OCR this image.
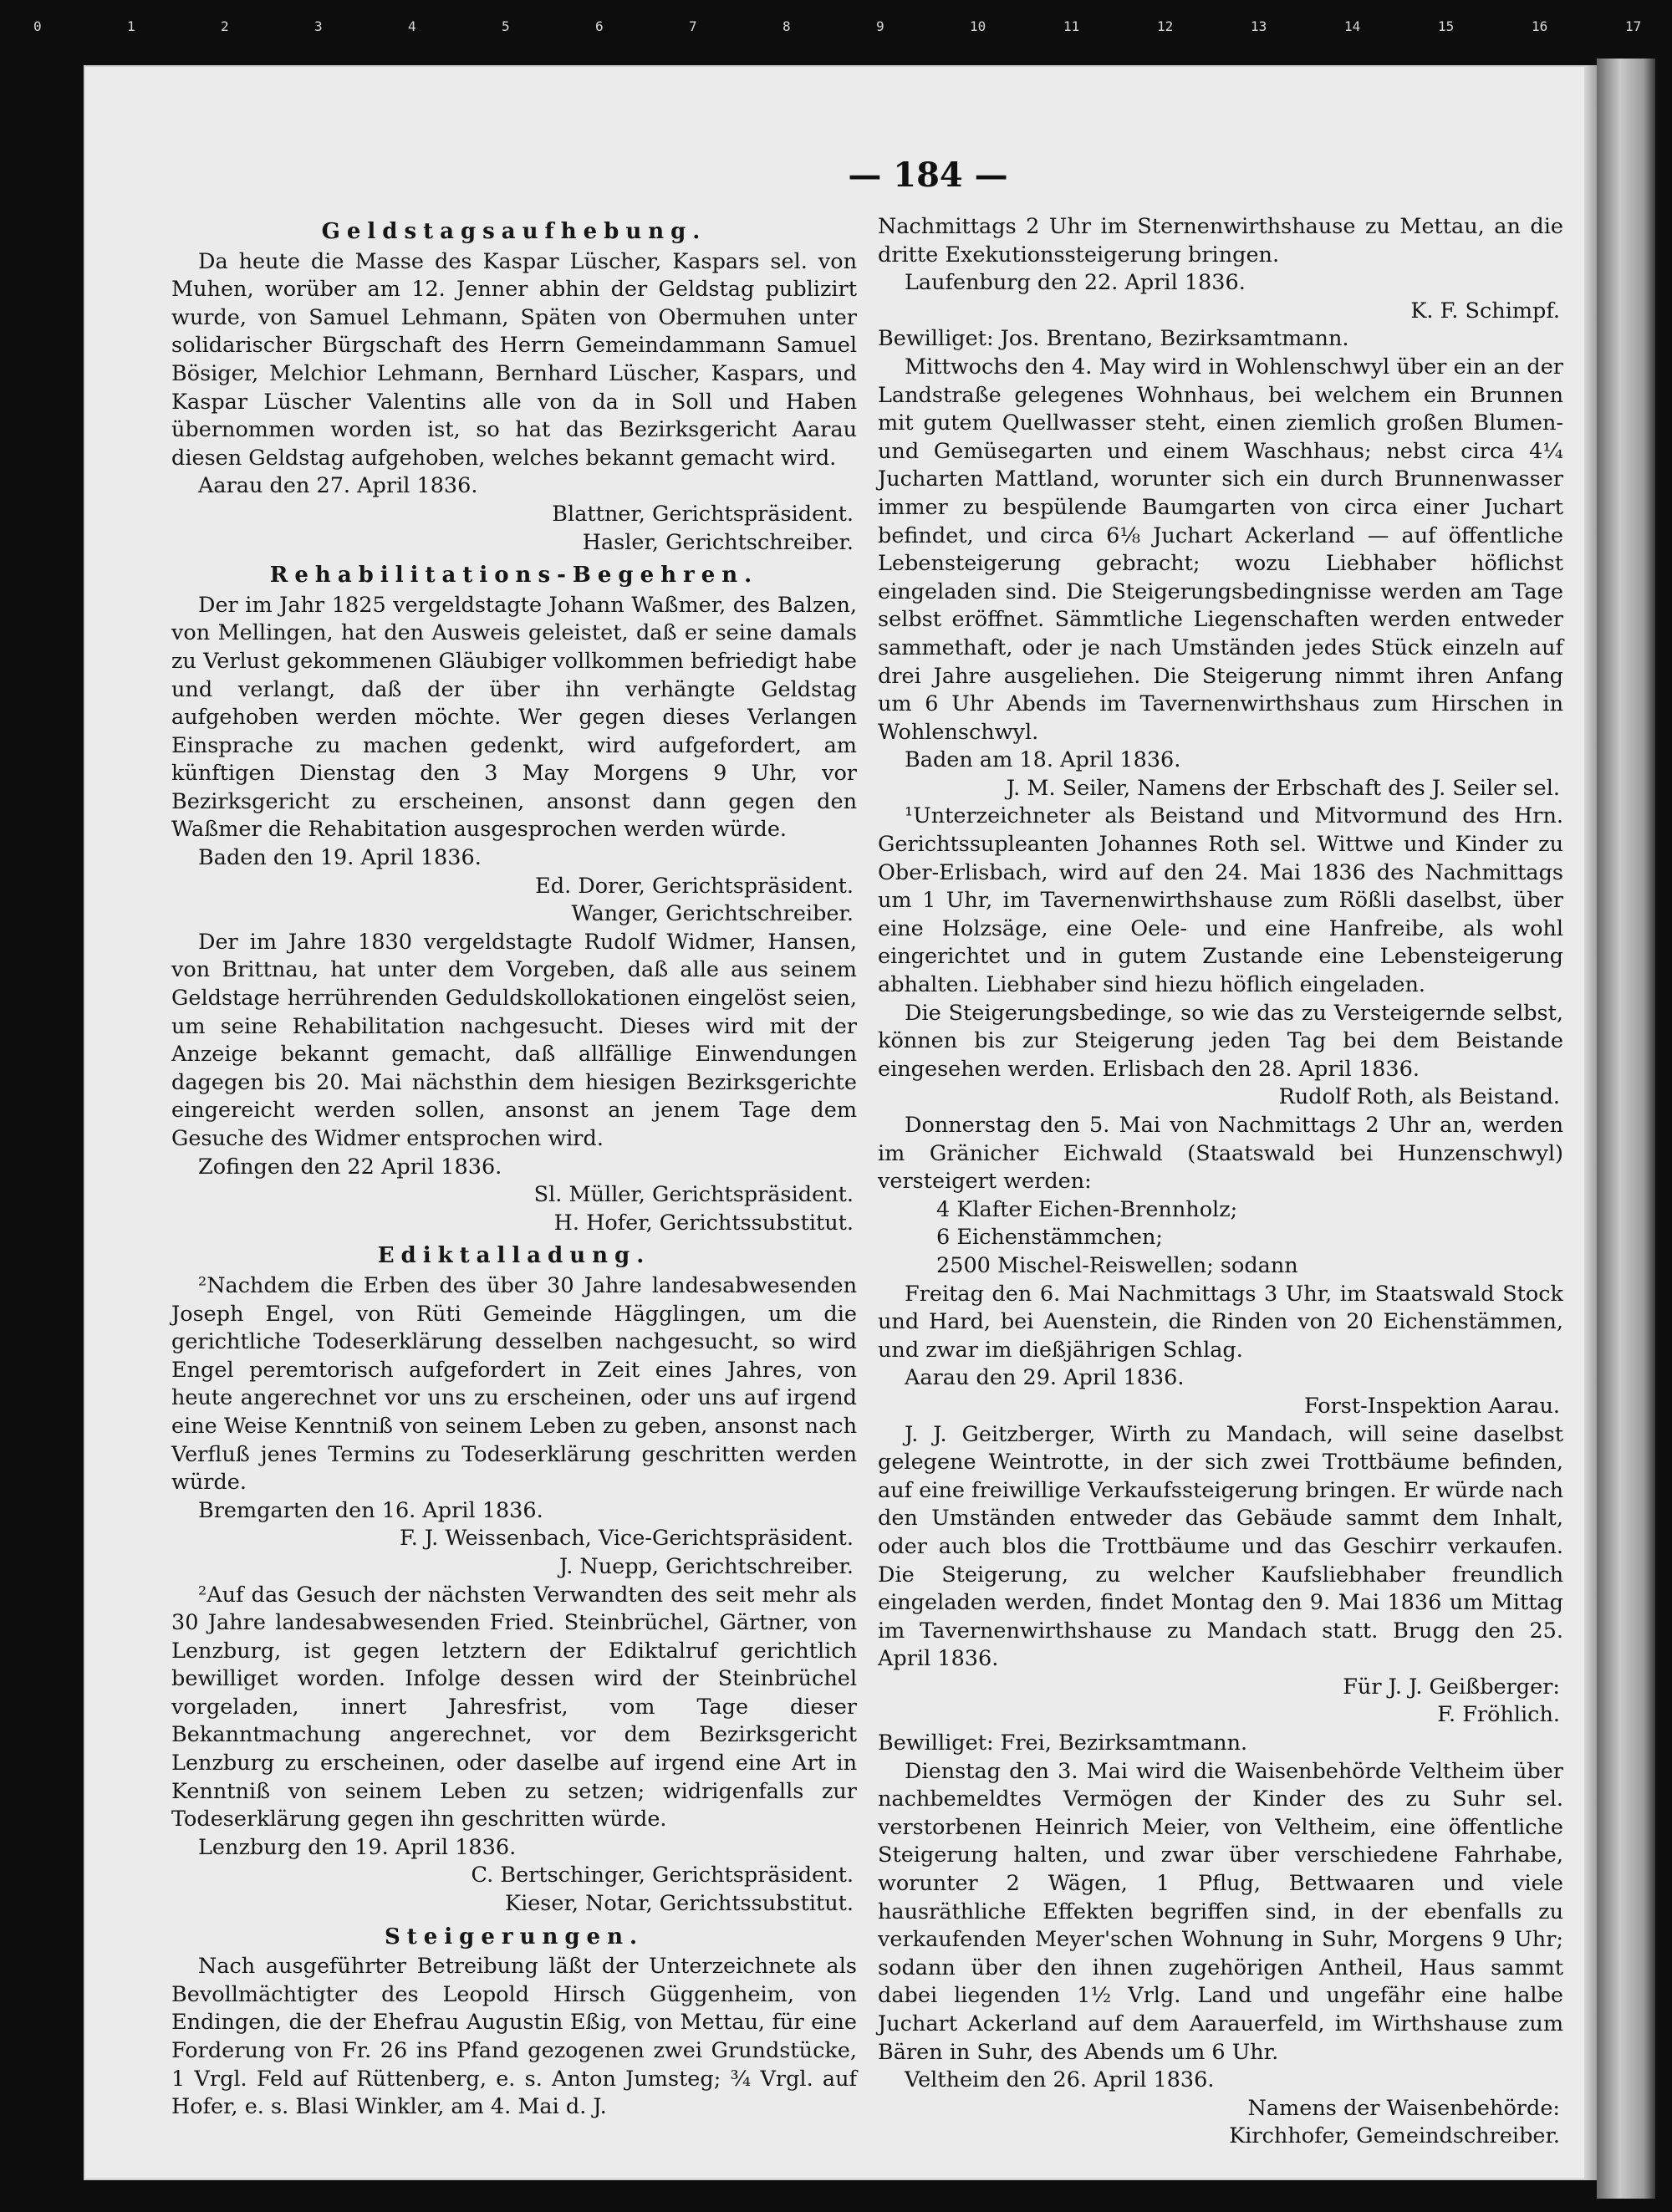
0	1	2	3	4	5	6	7	8	9	10	11	12	13	14	15	16	17
— 184 —
Geldstagsaufhebung.
Da heute die Masse des Kaspar Lüscher, Kaspars sel. von Muhen, worüber am 12. Jenner abhin der Geldstag publizirt wurde, von Samuel Lehmann, Späten von Obermuhen unter solidarischer Bürgschaft des Herrn Gemeindammann Samuel Bösiger, Melchior Lehmann, Bernhard Lüscher, Kaspars, und Kaspar Lüscher Valentins alle von da in Soll und Haben übernommen worden ist, so hat das Bezirksgericht Aarau diesen Geldstag aufgehoben, welches bekannt gemacht wird.
Aarau den 27. April 1836.
Blattner, Gerichtspräsident.
Hasler, Gerichtschreiber.
Rehabilitations-Begehren.
Der im Jahr 1825 vergeldstagte Johann Waßmer, des Balzen, von Mellingen, hat den Ausweis geleistet, daß er seine damals zu Verlust gekommenen Gläubiger vollkommen befriedigt habe und verlangt, daß der über ihn verhängte Geldstag aufgehoben werden möchte. Wer gegen dieses Verlangen Einsprache zu machen gedenkt, wird aufgefordert, am künftigen Dienstag den 3 May Morgens 9 Uhr, vor Bezirksgericht zu erscheinen, ansonst dann gegen den Waßmer die Rehabitation ausgesprochen werden würde.
Baden den 19. April 1836.
Ed. Dorer, Gerichtspräsident.
Wanger, Gerichtschreiber.
Der im Jahre 1830 vergeldstagte Rudolf Widmer, Hansen, von Brittnau, hat unter dem Vorgeben, daß alle aus seinem Geldstage herrührenden Geduldskollokationen eingelöst seien, um seine Rehabilitation nachgesucht. Dieses wird mit der Anzeige bekannt gemacht, daß allfällige Einwendungen dagegen bis 20. Mai nächsthin dem hiesigen Bezirksgerichte eingereicht werden sollen, ansonst an jenem Tage dem Gesuche des Widmer entsprochen wird.
Zofingen den 22 April 1836.
Sl. Müller, Gerichtspräsident.
H. Hofer, Gerichtssubstitut.
Ediktalladung.
²Nachdem die Erben des über 30 Jahre landesabwesenden Joseph Engel, von Rüti Gemeinde Hägglingen, um die gerichtliche Todeserklärung desselben nachgesucht, so wird Engel peremtorisch aufgefordert in Zeit eines Jahres, von heute angerechnet vor uns zu erscheinen, oder uns auf irgend eine Weise Kenntniß von seinem Leben zu geben, ansonst nach Verfluß jenes Termins zu Todeserklärung geschritten werden würde.
Bremgarten den 16. April 1836.
F. J. Weissenbach, Vice-Gerichtspräsident.
J. Nuepp, Gerichtschreiber.
²Auf das Gesuch der nächsten Verwandten des seit mehr als 30 Jahre landesabwesenden Fried. Steinbrüchel, Gärtner, von Lenzburg, ist gegen letztern der Ediktalruf gerichtlich bewilliget worden. Infolge dessen wird der Steinbrüchel vorgeladen, innert Jahresfrist, vom Tage dieser Bekanntmachung angerechnet, vor dem Bezirksgericht Lenzburg zu erscheinen, oder daselbe auf irgend eine Art in Kenntniß von seinem Leben zu setzen; widrigenfalls zur Todeserklärung gegen ihn geschritten würde.
Lenzburg den 19. April 1836.
C. Bertschinger, Gerichtspräsident.
Kieser, Notar, Gerichtssubstitut.
Steigerungen.
Nach ausgeführter Betreibung läßt der Unterzeichnete als Bevollmächtigter des Leopold Hirsch Güggenheim, von Endingen, die der Ehefrau Augustin Eßig, von Mettau, für eine Forderung von Fr. 26 ins Pfand gezogenen zwei Grundstücke, 1 Vrgl. Feld auf Rüttenberg, e. s. Anton Jumsteg; ¾ Vrgl. auf Hofer, e. s. Blasi Winkler, am 4. Mai d. J.
Nachmittags 2 Uhr im Sternenwirthshause zu Mettau, an die dritte Exekutionssteigerung bringen.
Laufenburg den 22. April 1836.
K. F. Schimpf.
Bewilliget: Jos. Brentano, Bezirksamtmann.
Mittwochs den 4. May wird in Wohlenschwyl über ein an der Landstraße gelegenes Wohnhaus, bei welchem ein Brunnen mit gutem Quellwasser steht, einen ziemlich großen Blumen- und Gemüsegarten und einem Waschhaus; nebst circa 4¼ Jucharten Mattland, worunter sich ein durch Brunnenwasser immer zu bespülende Baumgarten von circa einer Juchart befindet, und circa 6⅛ Juchart Ackerland — auf öffentliche Lebensteigerung gebracht; wozu Liebhaber höflichst eingeladen sind. Die Steigerungsbedingnisse werden am Tage selbst eröffnet. Sämmtliche Liegenschaften werden entweder sammethaft, oder je nach Umständen jedes Stück einzeln auf drei Jahre ausgeliehen. Die Steigerung nimmt ihren Anfang um 6 Uhr Abends im Tavernenwirthshaus zum Hirschen in Wohlenschwyl.
Baden am 18. April 1836.
J. M. Seiler, Namens der Erbschaft des J. Seiler sel.
¹Unterzeichneter als Beistand und Mitvormund des Hrn. Gerichtssupleanten Johannes Roth sel. Wittwe und Kinder zu Ober-Erlisbach, wird auf den 24. Mai 1836 des Nachmittags um 1 Uhr, im Tavernenwirthshause zum Rößli daselbst, über eine Holzsäge, eine Oele- und eine Hanfreibe, als wohl eingerichtet und in gutem Zustande eine Lebensteigerung abhalten. Liebhaber sind hiezu höflich eingeladen.
Die Steigerungsbedinge, so wie das zu Versteigernde selbst, können bis zur Steigerung jeden Tag bei dem Beistande eingesehen werden. Erlisbach den 28. April 1836.
Rudolf Roth, als Beistand.
Donnerstag den 5. Mai von Nachmittags 2 Uhr an, werden im Gränicher Eichwald (Staatswald bei Hunzenschwyl) versteigert werden:
4 Klafter Eichen-Brennholz;
6 Eichenstämmchen;
2500 Mischel-Reiswellen; sodann
Freitag den 6. Mai Nachmittags 3 Uhr, im Staatswald Stock und Hard, bei Auenstein, die Rinden von 20 Eichenstämmen, und zwar im dießjährigen Schlag.
Aarau den 29. April 1836.
Forst-Inspektion Aarau.
J. J. Geitzberger, Wirth zu Mandach, will seine daselbst gelegene Weintrotte, in der sich zwei Trottbäume befinden, auf eine freiwillige Verkaufssteigerung bringen. Er würde nach den Umständen entweder das Gebäude sammt dem Inhalt, oder auch blos die Trottbäume und das Geschirr verkaufen. Die Steigerung, zu welcher Kaufsliebhaber freundlich eingeladen werden, findet Montag den 9. Mai 1836 um Mittag im Tavernenwirthshause zu Mandach statt. Brugg den 25. April 1836.
Für J. J. Geißberger:
F. Fröhlich.
Bewilliget: Frei, Bezirksamtmann.
Dienstag den 3. Mai wird die Waisenbehörde Veltheim über nachbemeldtes Vermögen der Kinder des zu Suhr sel. verstorbenen Heinrich Meier, von Veltheim, eine öffentliche Steigerung halten, und zwar über verschiedene Fahrhabe, worunter 2 Wägen, 1 Pflug, Bettwaaren und viele hausräthliche Effekten begriffen sind, in der ebenfalls zu verkaufenden Meyer'schen Wohnung in Suhr, Morgens 9 Uhr; sodann über den ihnen zugehörigen Antheil, Haus sammt dabei liegenden 1½ Vrlg. Land und ungefähr eine halbe Juchart Ackerland auf dem Aarauerfeld, im Wirthshause zum Bären in Suhr, des Abends um 6 Uhr.
Veltheim den 26. April 1836.
Namens der Waisenbehörde:
Kirchhofer, Gemeindschreiber.
